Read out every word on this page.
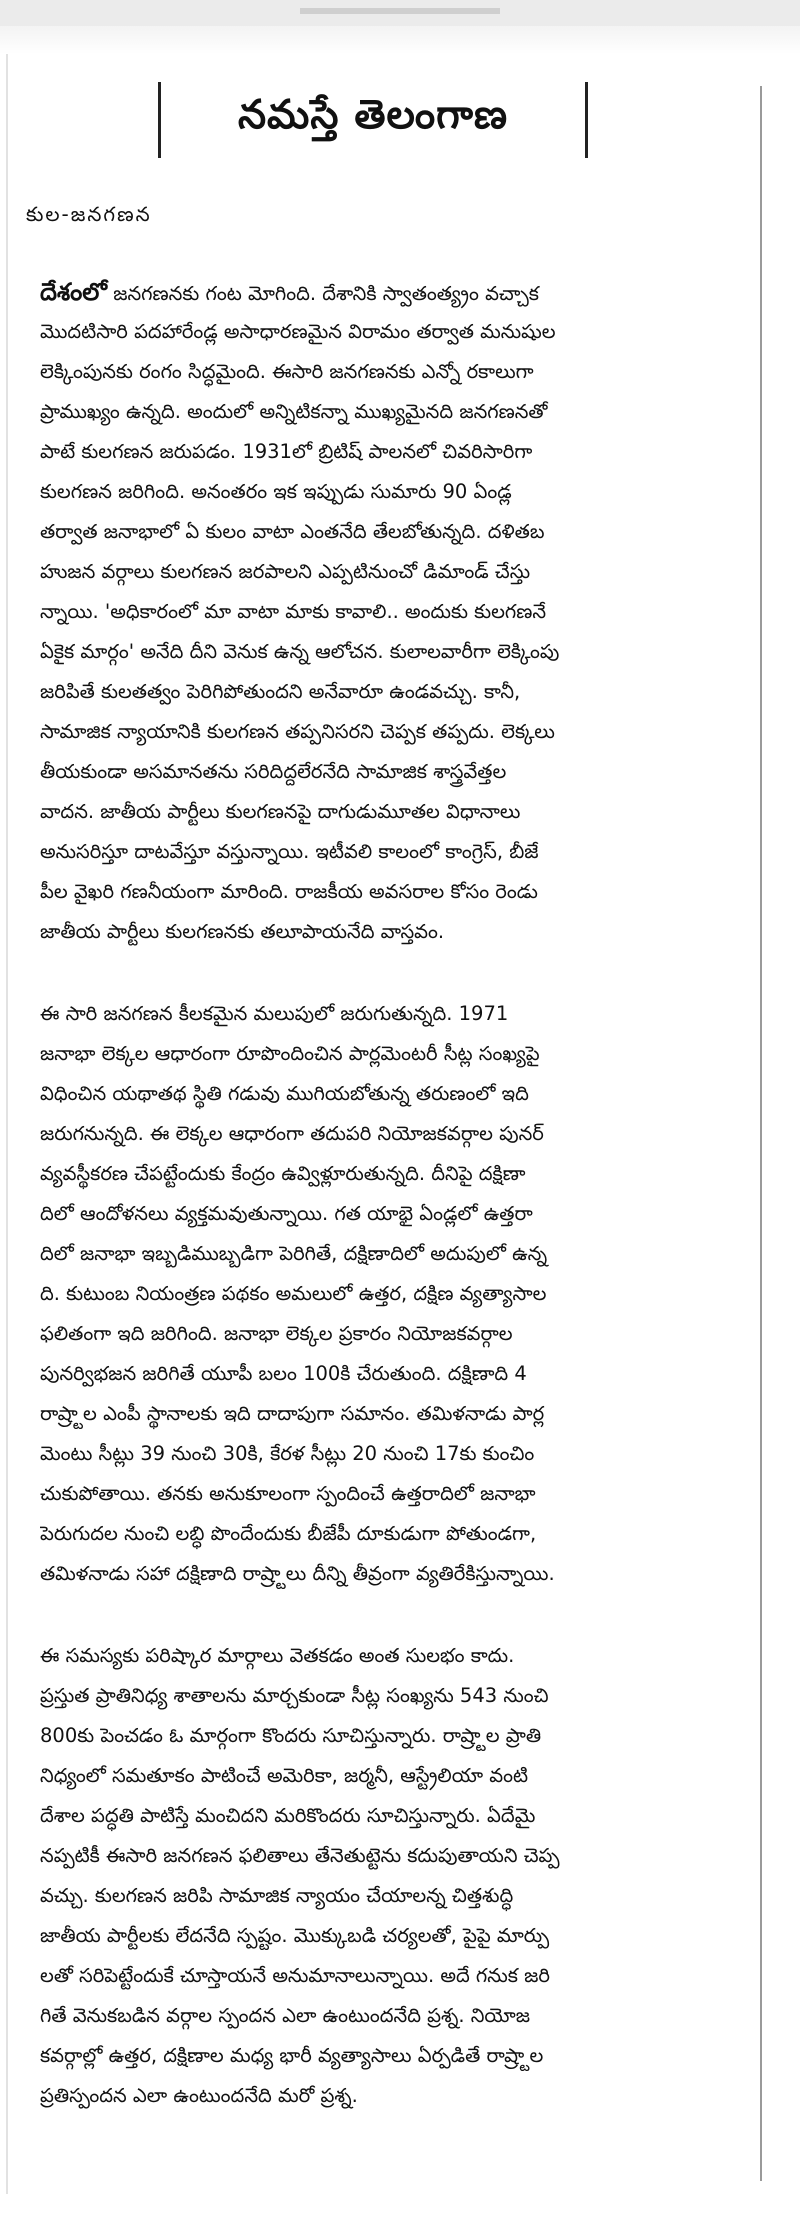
నమస్తే తెలంగాణ
కుల-జనగణన
దేశంలో జనగణనకు గంట మోగింది. దేశానికి స్వాతంత్య్రం వచ్చాక
మొదటిసారి పదహారేండ్ల అసాధారణమైన విరామం తర్వాత మనుషుల
లెక్కింపునకు రంగం సిద్ధమైంది. ఈసారి జనగణనకు ఎన్నో రకాలుగా
ప్రాముఖ్యం ఉన్నది. అందులో అన్నిటికన్నా ముఖ్యమైనది జనగణనతో
పాటే కులగణన జరుపడం. 1931లో బ్రిటిష్ పాలనలో చివరిసారిగా
కులగణన జరిగింది. అనంతరం ఇక ఇప్పుడు సుమారు 90 ఏండ్ల
తర్వాత జనాభాలో ఏ కులం వాటా ఎంతనేది తేలబోతున్నది. దళితబ
హుజన వర్గాలు కులగణన జరపాలని ఎప్పటినుంచో డిమాండ్ చేస్తు
న్నాయి. 'అధికారంలో మా వాటా మాకు కావాలి.. అందుకు కులగణనే
ఏకైక మార్గం' అనేది దీని వెనుక ఉన్న ఆలోచన. కులాలవారీగా లెక్కింపు
జరిపితే కులతత్వం పెరిగిపోతుందని అనేవారూ ఉండవచ్చు. కానీ,
సామాజిక న్యాయానికి కులగణన తప్పనిసరని చెప్పక తప్పదు. లెక్కలు
తీయకుండా అసమానతను సరిదిద్దలేరనేది సామాజిక శాస్త్రవేత్తల
వాదన. జాతీయ పార్టీలు కులగణనపై దాగుడుమూతల విధానాలు
అనుసరిస్తూ దాటవేస్తూ వస్తున్నాయి. ఇటీవలి కాలంలో కాంగ్రెస్, బీజే
పీల వైఖరి గణనీయంగా మారింది. రాజకీయ అవసరాల కోసం రెండు
జాతీయ పార్టీలు కులగణనకు తలూపాయనేది వాస్తవం.
ఈ సారి జనగణన కీలకమైన మలుపులో జరుగుతున్నది. 1971
జనాభా లెక్కల ఆధారంగా రూపొందించిన పార్లమెంటరీ సీట్ల సంఖ్యపై
విధించిన యథాతథ స్థితి గడువు ముగియబోతున్న తరుణంలో ఇది
జరుగనున్నది. ఈ లెక్కల ఆధారంగా తదుపరి నియోజకవర్గాల పునర్
వ్యవస్థీకరణ చేపట్టేందుకు కేంద్రం ఉవ్విళ్లూరుతున్నది. దీనిపై దక్షిణా
దిలో ఆందోళనలు వ్యక్తమవుతున్నాయి. గత యాభై ఏండ్లలో ఉత్తరా
దిలో జనాభా ఇబ్బడిముబ్బడిగా పెరిగితే, దక్షిణాదిలో అదుపులో ఉన్న
ది. కుటుంబ నియంత్రణ పథకం అమలులో ఉత్తర, దక్షిణ వ్యత్యాసాల
ఫలితంగా ఇది జరిగింది. జనాభా లెక్కల ప్రకారం నియోజకవర్గాల
పునర్విభజన జరిగితే యూపీ బలం 100కి చేరుతుంది. దక్షిణాది 4
రాష్ర్టాల ఎంపీ స్థానాలకు ఇది దాదాపుగా సమానం. తమిళనాడు పార్ల
మెంటు సీట్లు 39 నుంచి 30కి, కేరళ సీట్లు 20 నుంచి 17కు కుంచిం
చుకుపోతాయి. తనకు అనుకూలంగా స్పందించే ఉత్తరాదిలో జనాభా
పెరుగుదల నుంచి లబ్ధి పొందేందుకు బీజేపీ దూకుడుగా పోతుండగా,
తమిళనాడు సహా దక్షిణాది రాష్ర్టాలు దీన్ని తీవ్రంగా వ్యతిరేకిస్తున్నాయి.
ఈ సమస్యకు పరిష్కార మార్గాలు వెతకడం అంత సులభం కాదు.
ప్రస్తుత ప్రాతినిధ్య శాతాలను మార్చకుండా సీట్ల సంఖ్యను 543 నుంచి
800కు పెంచడం ఓ మార్గంగా కొందరు సూచిస్తున్నారు. రాష్ర్టాల ప్రాతి
నిధ్యంలో సమతూకం పాటించే అమెరికా, జర్మనీ, ఆస్ట్రేలియా వంటి
దేశాల పద్ధతి పాటిస్తే మంచిదని మరికొందరు సూచిస్తున్నారు. ఏదేమై
నప్పటికీ ఈసారి జనగణన ఫలితాలు తేనెతుట్టెను కదుపుతాయని చెప్ప
వచ్చు. కులగణన జరిపి సామాజిక న్యాయం చేయాలన్న చిత్తశుద్ధి
జాతీయ పార్టీలకు లేదనేది స్పష్టం. మొక్కుబడి చర్యలతో, పైపై మార్పు
లతో సరిపెట్టేందుకే చూస్తాయనే అనుమానాలున్నాయి. అదే గనుక జరి
గితే వెనుకబడిన వర్గాల స్పందన ఎలా ఉంటుందనేది ప్రశ్న. నియోజ
కవర్గాల్లో ఉత్తర, దక్షిణాల మధ్య భారీ వ్యత్యాసాలు ఏర్పడితే రాష్ర్టాల
ప్రతిస్పందన ఎలా ఉంటుందనేది మరో ప్రశ్న.
